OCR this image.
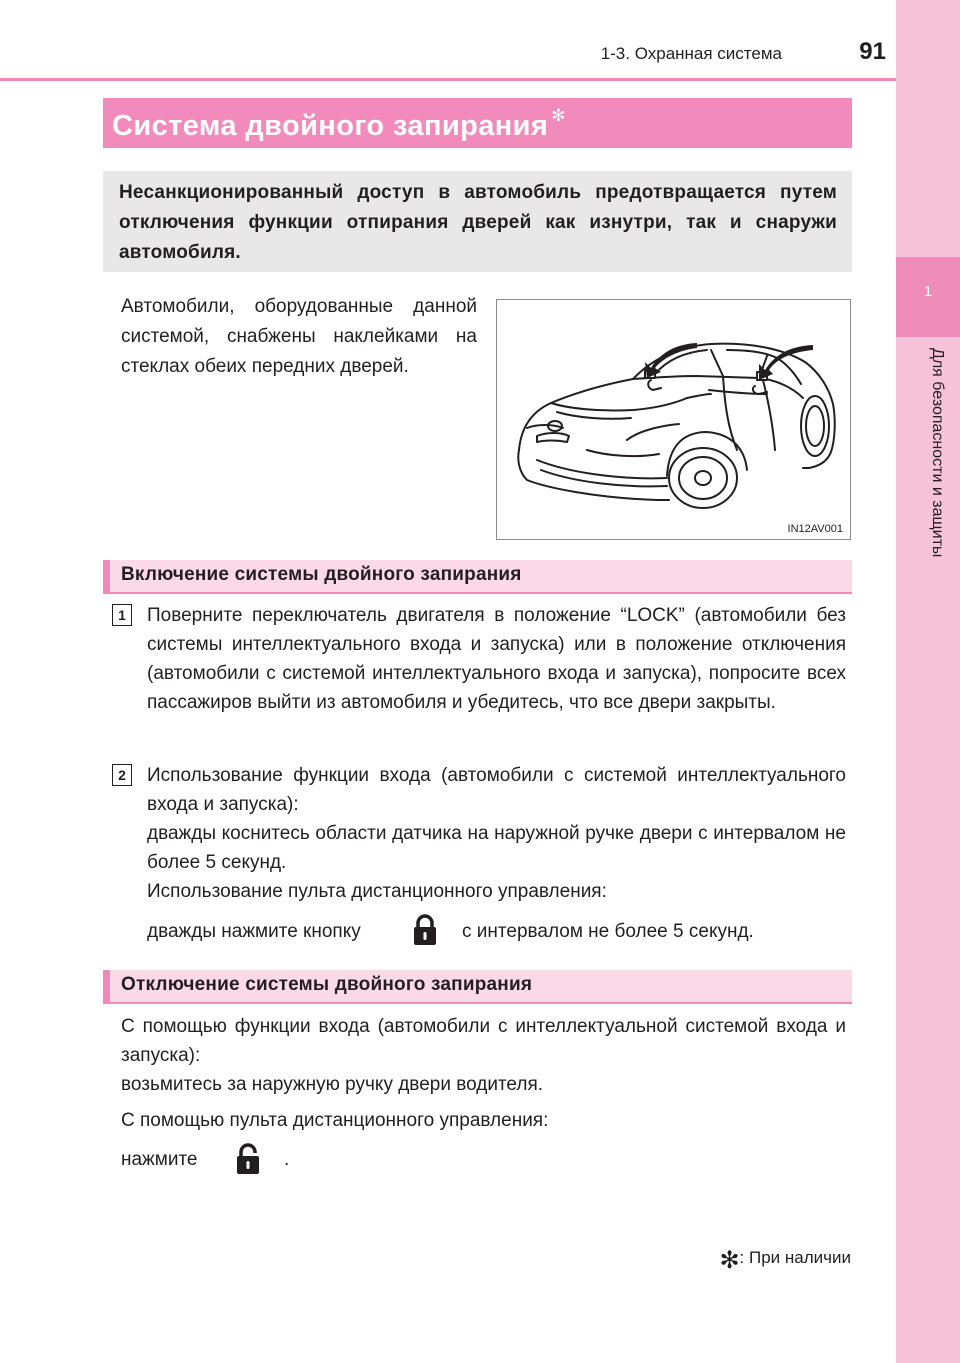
1-3. Охранная система	91
1
Для безопасности и защиты
Система двойного запирания ✻

Несанкционированный доступ в автомобиль предотвращается путем отключения функции отпирания дверей как изнутри, так и снаружи автомобиля.

Автомобили, оборудованные данной системой, снабжены наклейками на стеклах обеих передних дверей.

IN12AV001
Включение системы двойного запирания
1	Поверните переключатель двигателя в положение “LOCK” (автомобили без системы интеллектуального входа и запуска) или в положение отключения (автомобили с системой интеллектуального входа и запуска), попросите всех пассажиров выйти из автомобиля и убедитесь, что все двери закрыты.

2	Использование функции входа (автомобили с системой интеллектуального входа и запуска):

дважды коснитесь области датчика на наружной ручке двери с интервалом не более 5 секунд.

Использование пульта дистанционного управления:

дважды нажмите кнопку	с интервалом не более 5 секунд.

Отключение системы двойного запирания

С помощью функции входа (автомобили с интеллектуальной системой входа и запуска):

возьмитесь за наружную ручку двери водителя.

С помощью пульта дистанционного управления:

нажмите	.

✻: При наличии
